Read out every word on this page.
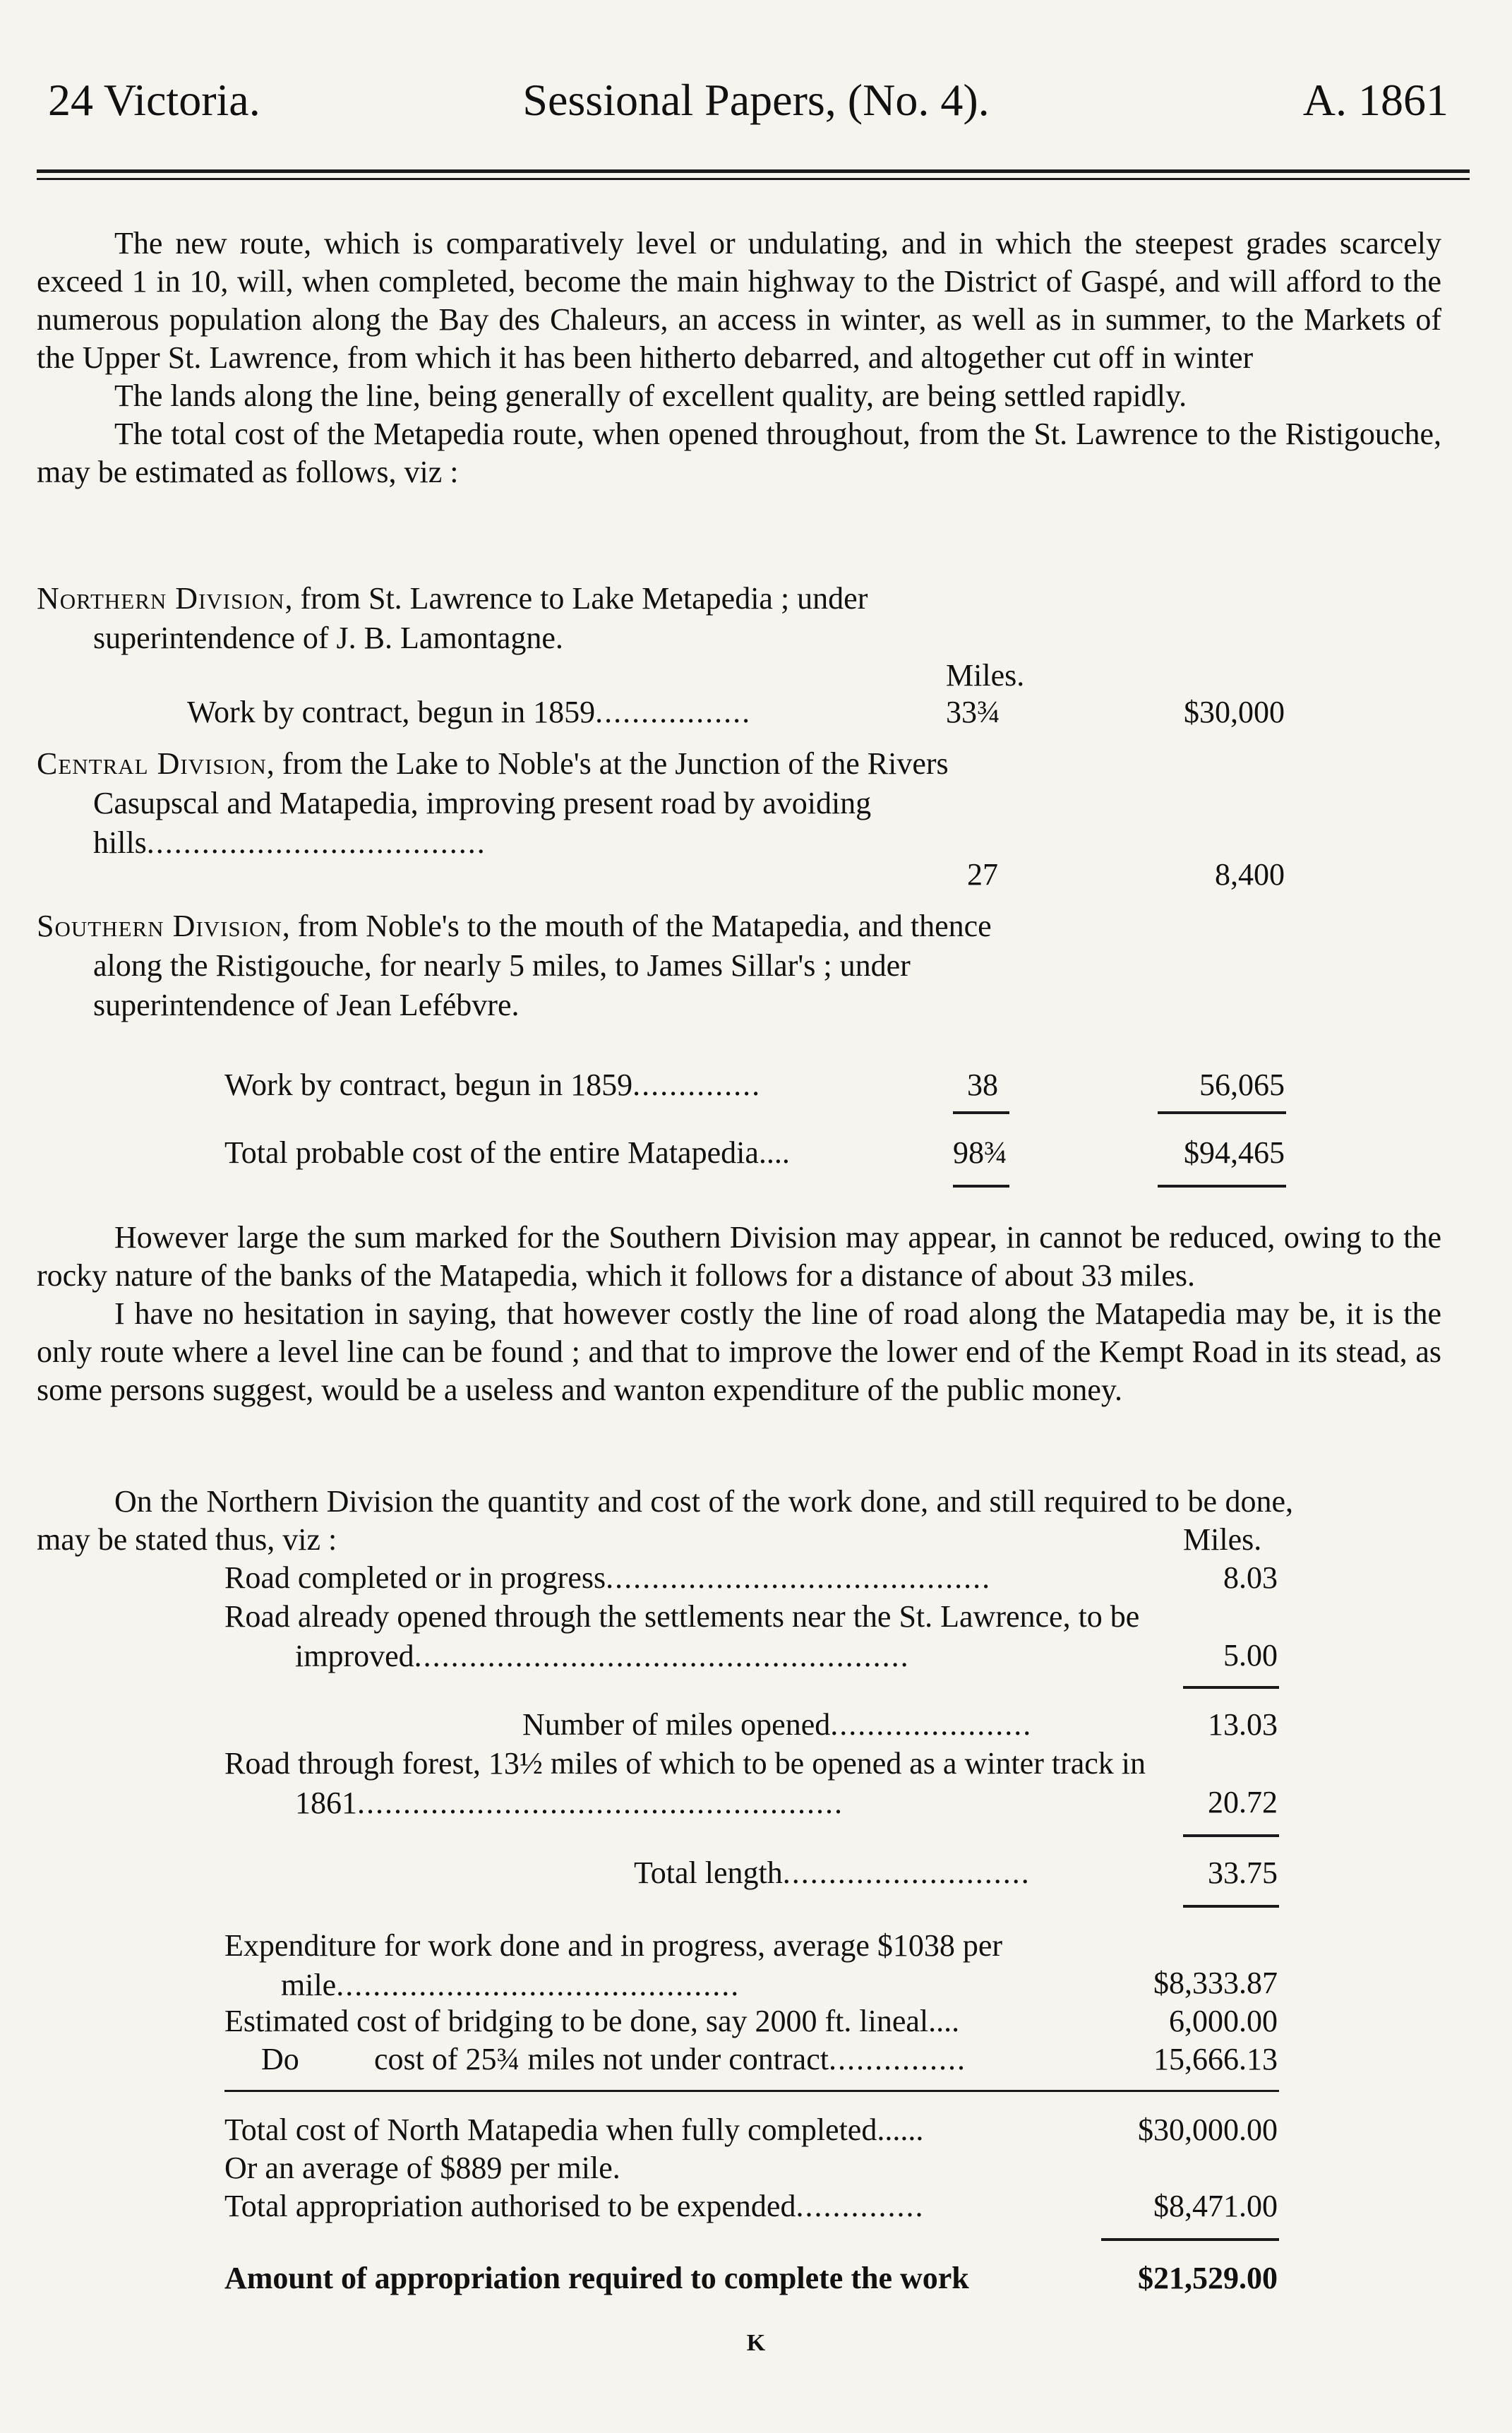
24 Victoria.	Sessional Papers, (No. 4).	A. 1861

The new route, which is comparatively level or undulating, and in which the steepest grades scarcely exceed 1 in 10, will, when completed, become the main highway to the District of Gaspé, and will afford to the numerous population along the Bay des Chaleurs, an access in winter, as well as in summer, to the Markets of the Upper St. Lawrence, from which it has been hitherto debarred, and altogether cut off in winter

The lands along the line, being generally of excellent quality, are being settled rapidly.

The total cost of the Metapedia route, when opened throughout, from the St. Lawrence to the Ristigouche, may be estimated as follows, viz :

Northern Division, from St. Lawrence to Lake Metapedia ; under superintendence of J. B. Lamontagne.
Miles.
Work by contract, begun in 1859.................	33¾	$30,000
Central Division, from the Lake to Noble's at the Junction of the Rivers Casupscal and Matapedia, improving present road by avoiding hills.....................................
27	8,400
Southern Division, from Noble's to the mouth of the Matapedia, and thence along the Ristigouche, for nearly 5 miles, to James Sillar's ; under superintendence of Jean Lefébvre.
Work by contract, begun in 1859..............	38	56,065
Total probable cost of the entire Matapedia....	98¾	$94,465

However large the sum marked for the Southern Division may appear, in cannot be reduced, owing to the rocky nature of the banks of the Matapedia, which it follows for a distance of about 33 miles.

I have no hesitation in saying, that however costly the line of road along the Matapedia may be, it is the only route where a level line can be found ; and that to improve the lower end of the Kempt Road in its stead, as some persons suggest, would be a useless and wanton expenditure of the public money.

On the Northern Division the quantity and cost of the work done, and still required to be done, may be stated thus, viz :	Miles.
Road completed or in progress..........................................	8.03
Road already opened through the settlements near the St. Lawrence, to be improved......................................................	5.00
Number of miles opened......................	13.03
Road through forest, 13½ miles of which to be opened as a winter track in 1861.....................................................	20.72
Total length...........................	33.75
Expenditure for work done and in progress, average $1038 per mile............................................	$8,333.87
Estimated cost of bridging to be done, say 2000 ft. lineal....	6,000.00
Do cost of 25¾ miles not under contract...............	15,666.13
Total cost of North Matapedia when fully completed......	$30,000.00
Or an average of $889 per mile.
Total appropriation authorised to be expended..............	$8,471.00
Amount of appropriation required to complete the work	$21,529.00
K
